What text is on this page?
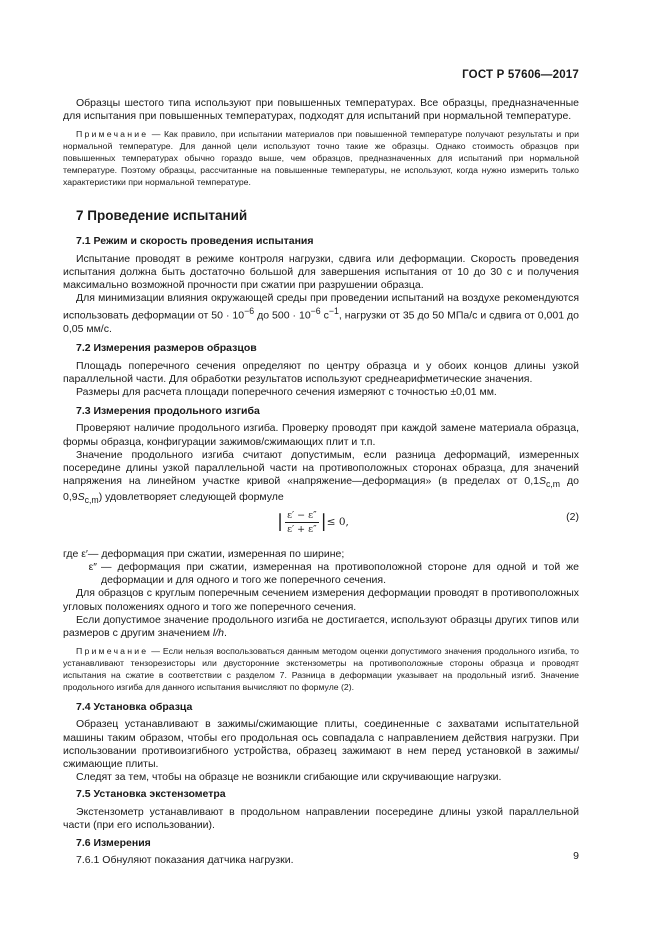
ГОСТ Р 57606—2017

Образцы шестого типа используют при повышенных температурах. Все образцы, предназначенные для испытания при повышенных температурах, подходят для испытаний при нормальной температуре.

Примечание — Как правило, при испытании материалов при повышенной температуре получают результаты и при нормальной температуре. Для данной цели используют точно такие же образцы. Однако стоимость образцов при повышенных температурах обычно гораздо выше, чем образцов, предназначенных для испытаний при нормальной температуре. Поэтому образцы, рассчитанные на повышенные температуры, не используют, когда нужно измерить только характеристики при нормальной температуре.

7 Проведение испытаний
7.1 Режим и скорость проведения испытания

Испытание проводят в режиме контроля нагрузки, сдвига или деформации. Скорость проведения испытания должна быть достаточно большой для завершения испытания от 10 до 30 с и получения максимально возможной прочности при сжатии при разрушении образца.

Для минимизации влияния окружающей среды при проведении испытаний на воздухе рекомендуются использовать деформации от $50 \cdot 10^{-6}$ до $500 \cdot 10^{-6}$ $с^{-1}$, нагрузки от 35 до 50 МПа/с и сдвига от 0,001 до 0,05 мм/с.

7.2 Измерения размеров образцов

Площадь поперечного сечения определяют по центру образца и у обоих концов длины узкой параллельной части. Для обработки результатов используют среднеарифметические значения.

Размеры для расчета площади поперечного сечения измеряют с точностью ±0,01 мм.

7.3 Измерения продольного изгиба

Проверяют наличие продольного изгиба. Проверку проводят при каждой замене материала образца, формы образца, конфигурации зажимов/сжимающих плит и т.п.

Значение продольного изгиба считают допустимым, если разница деформаций, измеренных посередине длины узкой параллельной части на противоположных сторонах образца, для значений напряжения на линейном участке кривой «напряжение—деформация» (в пределах от $0,1S_{c,m}$ до $0,9S_{c,m}$) удовлетворяет следующей формуле

| $\frac{\varepsilon' - \varepsilon''}{\varepsilon' + \varepsilon''}$ | ≤ 0,	(2)
где ε′ — деформация при сжатии, измеренная по ширине;
ε″ — деформация при сжатии, измеренная на противоположной стороне для одной и той же деформации и для одного и того же поперечного сечения.

Для образцов с круглым поперечным сечением измерения деформации проводят в противоположных угловых положениях одного и того же поперечного сечения.

Если допустимое значение продольного изгиба не достигается, используют образцы других типов или размеров с другим значением l/h.

Примечание — Если нельзя воспользоваться данным методом оценки допустимого значения продольного изгиба, то устанавливают тензорезисторы или двусторонние экстензометры на противоположные стороны образца и проводят испытания на сжатие в соответствии с разделом 7. Разница в деформации указывает на продольный изгиб. Значение продольного изгиба для данного испытания вычисляют по формуле (2).

7.4 Установка образца

Образец устанавливают в зажимы/сжимающие плиты, соединенные с захватами испытательной машины таким образом, чтобы его продольная ось совпадала с направлением действия нагрузки. При использовании противоизгибного устройства, образец зажимают в нем перед установкой в зажимы/сжимающие плиты.

Следят за тем, чтобы на образце не возникли сгибающие или скручивающие нагрузки.

7.5 Установка экстензометра

Экстензометр устанавливают в продольном направлении посередине длины узкой параллельной части (при его использовании).

7.6 Измерения

7.6.1 Обнуляют показания датчика нагрузки.	9
